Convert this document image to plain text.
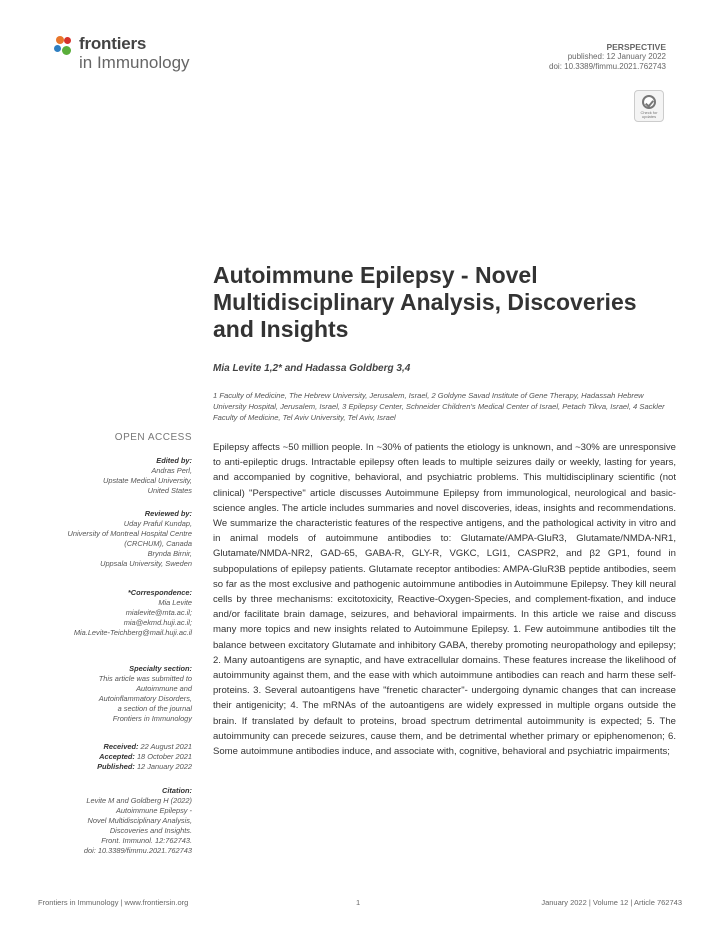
frontiers
in Immunology
PERSPECTIVE
published: 12 January 2022
doi: 10.3389/fimmu.2021.762743
Check for updates
Autoimmune Epilepsy - Novel Multidisciplinary Analysis, Discoveries and Insights
Mia Levite 1,2* and Hadassa Goldberg 3,4
1 Faculty of Medicine, The Hebrew University, Jerusalem, Israel, 2 Goldyne Savad Institute of Gene Therapy, Hadassah Hebrew University Hospital, Jerusalem, Israel, 3 Epilepsy Center, Schneider Children's Medical Center of Israel, Petach Tikva, Israel, 4 Sackler Faculty of Medicine, Tel Aviv University, Tel Aviv, Israel
OPEN ACCESS
Edited by:
Andras Perl,
Upstate Medical University,
United States
Reviewed by:
Uday Praful Kundap,
University of Montreal Hospital Centre
(CRCHUM), Canada
Brynda Birnir,
Uppsala University, Sweden
*Correspondence:
Mia Levite
mialevite@mta.ac.il;
mia@ekmd.huji.ac.il;
Mia.Levite-Teichberg@mail.huji.ac.il
Specialty section:
This article was submitted to
Autoimmune and
Autoinflammatory Disorders,
a section of the journal
Frontiers in Immunology
Received: 22 August 2021
Accepted: 18 October 2021
Published: 12 January 2022
Citation:
Levite M and Goldberg H (2022)
Autoimmune Epilepsy -
Novel Multidisciplinary Analysis,
Discoveries and Insights.
Front. Immunol. 12:762743.
doi: 10.3389/fimmu.2021.762743
Epilepsy affects ~50 million people. In ~30% of patients the etiology is unknown, and ~30% are unresponsive to anti-epileptic drugs. Intractable epilepsy often leads to multiple seizures daily or weekly, lasting for years, and accompanied by cognitive, behavioral, and psychiatric problems. This multidisciplinary scientific (not clinical) "Perspective" article discusses Autoimmune Epilepsy from immunological, neurological and basic-science angles. The article includes summaries and novel discoveries, ideas, insights and recommendations. We summarize the characteristic features of the respective antigens, and the pathological activity in vitro and in animal models of autoimmune antibodies to: Glutamate/AMPA-GluR3, Glutamate/NMDA-NR1, Glutamate/NMDA-NR2, GAD-65, GABA-R, GLY-R, VGKC, LGI1, CASPR2, and β2 GP1, found in subpopulations of epilepsy patients. Glutamate receptor antibodies: AMPA-GluR3B peptide antibodies, seem so far as the most exclusive and pathogenic autoimmune antibodies in Autoimmune Epilepsy. They kill neural cells by three mechanisms: excitotoxicity, Reactive-Oxygen-Species, and complement-fixation, and induce and/or facilitate brain damage, seizures, and behavioral impairments. In this article we raise and discuss many more topics and new insights related to Autoimmune Epilepsy. 1. Few autoimmune antibodies tilt the balance between excitatory Glutamate and inhibitory GABA, thereby promoting neuropathology and epilepsy; 2. Many autoantigens are synaptic, and have extracellular domains. These features increase the likelihood of autoimmunity against them, and the ease with which autoimmune antibodies can reach and harm these self-proteins. 3. Several autoantigens have "frenetic character"- undergoing dynamic changes that can increase their antigenicity; 4. The mRNAs of the autoantigens are widely expressed in multiple organs outside the brain. If translated by default to proteins, broad spectrum detrimental autoimmunity is expected; 5. The autoimmunity can precede seizures, cause them, and be detrimental whether primary or epiphenomenon; 6. Some autoimmune antibodies induce, and associate with, cognitive, behavioral and psychiatric impairments;
Frontiers in Immunology | www.frontiersin.org	1	January 2022 | Volume 12 | Article 762743
